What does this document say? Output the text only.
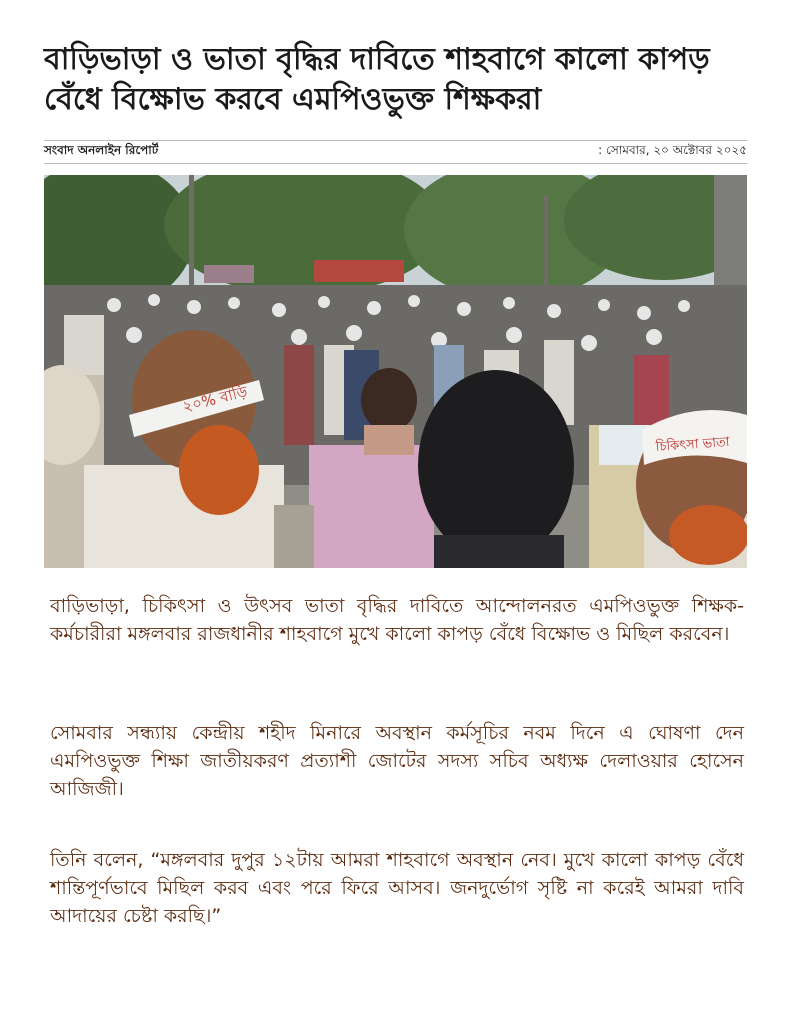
বাড়িভাড়া ও ভাতা বৃদ্ধির দাবিতে শাহবাগে কালো কাপড় বেঁধে বিক্ষোভ করবে এমপিওভুক্ত শিক্ষকরা
সংবাদ অনলাইন রিপোর্ট	: সোমবার, ২০ অক্টোবর ২০২৫
২০% বাড়ি
চিকিৎসা ভাতা

বাড়িভাড়া, চিকিৎসা ও উৎসব ভাতা বৃদ্ধির দাবিতে আন্দোলনরত এমপিওভুক্ত শিক্ষক-কর্মচারীরা মঙ্গলবার রাজধানীর শাহবাগে মুখে কালো কাপড় বেঁধে বিক্ষোভ ও মিছিল করবেন।

সোমবার সন্ধ্যায় কেন্দ্রীয় শহীদ মিনারে অবস্থান কর্মসূচির নবম দিনে এ ঘোষণা দেন এমপিওভুক্ত শিক্ষা জাতীয়করণ প্রত্যাশী জোটের সদস্য সচিব অধ্যক্ষ দেলাওয়ার হোসেন আজিজী।

তিনি বলেন, “মঙ্গলবার দুপুর ১২টায় আমরা শাহবাগে অবস্থান নেব। মুখে কালো কাপড় বেঁধে শান্তিপূর্ণভাবে মিছিল করব এবং পরে ফিরে আসব। জনদুর্ভোগ সৃষ্টি না করেই আমরা দাবি আদায়ের চেষ্টা করছি।”
